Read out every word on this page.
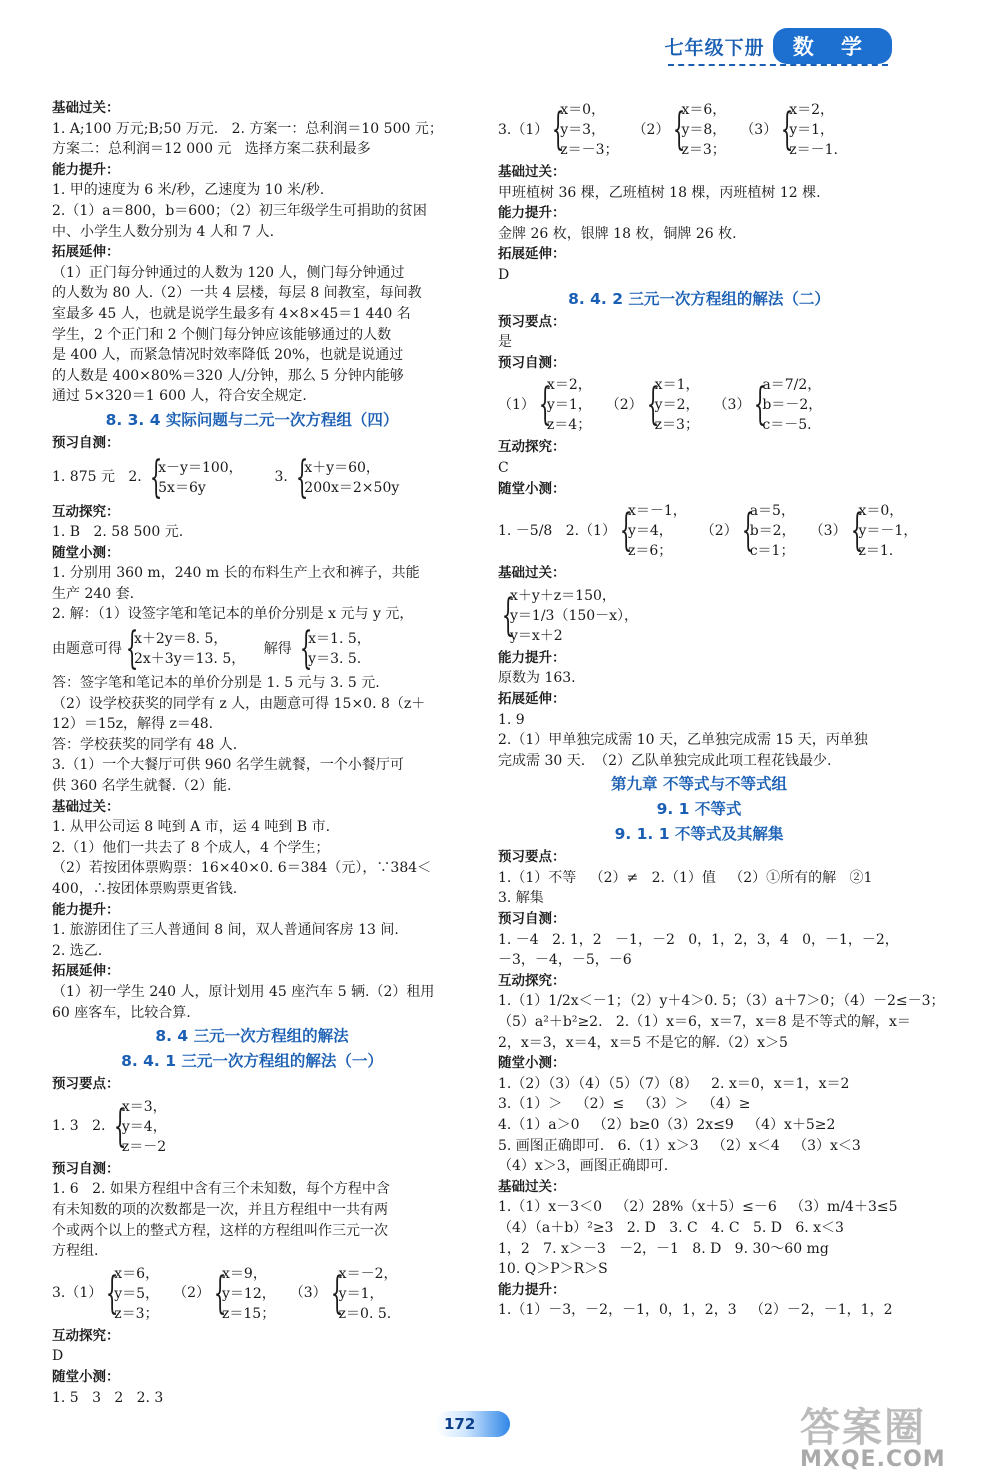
七年级下册	数 学
基础过关：
1. A;100 万元;B;50 万元.   2. 方案一：总利润＝10 500 元；
方案二：总利润＝12 000 元   选择方案二获利最多
能力提升：
1. 甲的速度为 6 米/秒，乙速度为 10 米/秒.
2.（1）a＝800，b＝600；（2）初三年级学生可捐助的贫困
中、小学生人数分别为 4 人和 7 人.
拓展延伸：
（1）正门每分钟通过的人数为 120 人，侧门每分钟通过
的人数为 80 人.（2）一共 4 层楼，每层 8 间教室，每间教
室最多 45 人，也就是说学生最多有 4×8×45＝1 440 名
学生，2 个正门和 2 个侧门每分钟应该能够通过的人数
是 400 人，而紧急情况时效率降低 20%，也就是说通过
的人数是 400×80%＝320 人/分钟，那么 5 分钟内能够
通过 5×320＝1 600 人，符合安全规定.
8. 3. 4 实际问题与二元一次方程组（四）
预习自测：
1. 875 元   2. {
x－y＝100，
5x＝6y
3. {
x＋y＝60，
200x＝2×50y
互动探究：
1. B   2. 58 500 元.
随堂小测：
1. 分别用 360 m，240 m 长的布料生产上衣和裤子，共能
生产 240 套.
2. 解：（1）设签字笔和笔记本的单价分别是 x 元与 y 元，
由题意可得 {
x＋2y＝8. 5，
2x＋3y＝13. 5，
解得 {
x＝1. 5，
y＝3. 5.
答：签字笔和笔记本的单价分别是 1. 5 元与 3. 5 元.
（2）设学校获奖的同学有 z 人，由题意可得 15×0. 8（z＋
12）＝15z，解得 z＝48.
答：学校获奖的同学有 48 人.
3.（1）一个大餐厅可供 960 名学生就餐，一个小餐厅可
供 360 名学生就餐.（2）能.
基础过关：
1. 从甲公司运 8 吨到 A 市，运 4 吨到 B 市.
2.（1）他们一共去了 8 个成人，4 个学生；
（2）若按团体票购票：16×40×0. 6＝384（元），∵384＜
400，∴按团体票购票更省钱.
能力提升：
1. 旅游团住了三人普通间 8 间，双人普通间客房 13 间.
2. 选乙.
拓展延伸：
（1）初一学生 240 人，原计划用 45 座汽车 5 辆.（2）租用
60 座客车，比较合算.
8. 4 三元一次方程组的解法
8. 4. 1 三元一次方程组的解法（一）
预习要点：
1. 3   2. {
x＝3，
y＝4，
z＝－2
预习自测：
1. 6   2. 如果方程组中含有三个未知数，每个方程中含
有未知数的项的次数都是一次，并且方程组中一共有两
个或两个以上的整式方程，这样的方程组叫作三元一次
方程组.
3.（1） {
x＝6，
y＝5，
z＝3；
（2） {
x＝9，
y＝12，
z＝15；
（3） {
x＝－2，
y＝1，
z＝0. 5.
互动探究：
D
随堂小测：
1. 5   3   2   2. 3
3.（1） {
x＝0，
y＝3，
z＝－3；
（2） {
x＝6，
y＝8，
z＝3；
（3） {
x＝2，
y＝1，
z＝－1.
基础过关：
甲班植树 36 棵，乙班植树 18 棵，丙班植树 12 棵.
能力提升：
金牌 26 枚，银牌 18 枚，铜牌 26 枚.
拓展延伸：
D
8. 4. 2 三元一次方程组的解法（二）
预习要点：
是
预习自测：
（1） {
x＝2，
y＝1，
z＝4；
（2） {
x＝1，
y＝2，
z＝3；
（3） {
a＝7/2，
b＝－2，
c＝－5.
互动探究：
C
随堂小测：
1. －5/8   2.（1） {
x＝－1，
y＝4，
z＝6；
（2） {
a＝5，
b＝2，
c＝1；
（3） {
x＝0，
y＝－1，
z＝1.
基础过关：
{
x＋y＋z＝150，
y＝1/3（150－x），
y＝x＋2
能力提升：
原数为 163.
拓展延伸：
1. 9
2.（1）甲单独完成需 10 天，乙单独完成需 15 天，丙单独
完成需 30 天.  （2）乙队单独完成此项工程花钱最少.
第九章 不等式与不等式组
9. 1 不等式
9. 1. 1 不等式及其解集
预习要点：
1.（1）不等   （2）≠   2.（1）值   （2）①所有的解   ②1
3. 解集
预习自测：
1. －4   2. 1，2   －1，－2   0，1，2，3，4   0，－1，－2，
－3，－4，－5，－6
互动探究：
1.（1）1/2x＜－1；（2）y＋4＞0. 5；（3）a＋7＞0；（4）－2≤－3；
（5）a²＋b²≥2.   2.（1）x＝6，x＝7，x＝8 是不等式的解，x＝
2，x＝3，x＝4，x＝5 不是它的解.（2）x＞5
随堂小测：
1.（2）（3）（4）（5）（7）（8）   2. x＝0，x＝1，x＝2
3.（1）＞   （2）≤   （3）＞   （4）≥
4.（1）a＞0   （2）b≥0（3）2x≤9   （4）x＋5≥2
5. 画图正确即可.   6.（1）x＞3   （2）x＜4   （3）x＜3
（4）x＞3，画图正确即可.
基础过关：
1.（1）x－3＜0   （2）28%（x＋5）≤－6   （3）m/4＋3≤5
（4）（a＋b）²≥3   2. D   3. C   4. C   5. D   6. x＜3
1，2   7. x＞－3   －2，－1   8. D   9. 30～60 mg
10. Q＞P＞R＞S
能力提升：
1.（1）－3，－2，－1，0，1，2，3   （2）－2，－1，1，2
172	答案圈
MXQE.COM
